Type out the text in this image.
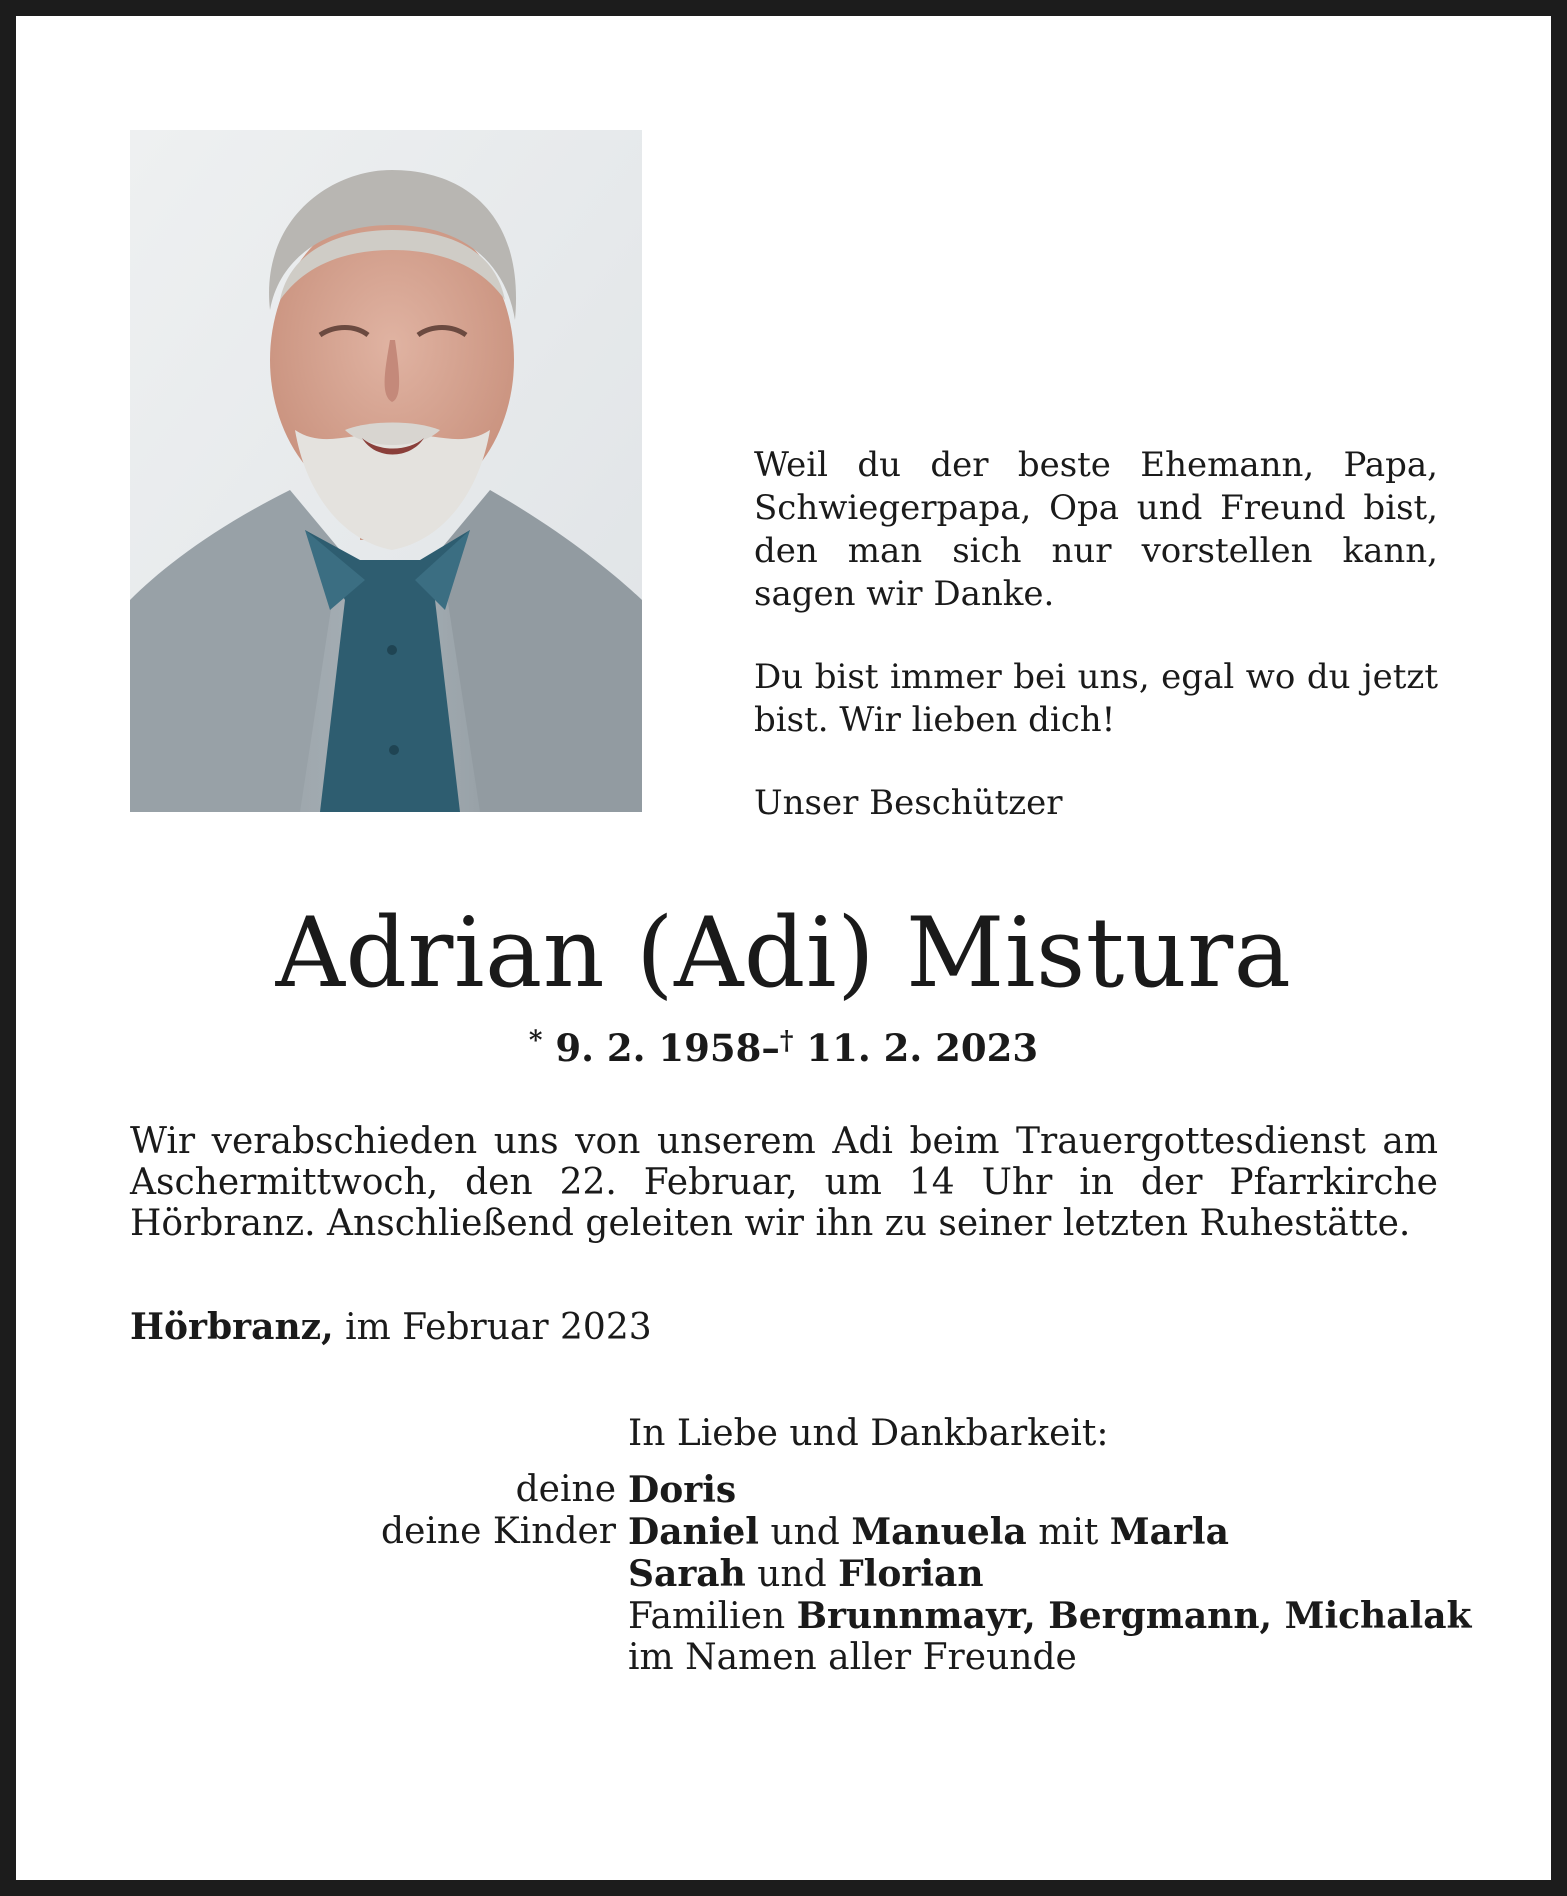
Weil du der beste Ehemann, Papa, Schwiegerpapa, Opa und Freund bist, den man sich nur vorstellen kann, sagen wir Danke.

Du bist immer bei uns, egal wo du jetzt bist. Wir lieben dich!

Unser Beschützer

Adrian (Adi) Mistura
* 9. 2. 1958–† 11. 2. 2023

Wir verabschieden uns von unserem Adi beim Trauergottesdienst am Aschermittwoch, den 22. Februar, um 14 Uhr in der Pfarrkirche Hörbranz. Anschließend geleiten wir ihn zu seiner letzten Ruhestätte.

Hörbranz, im Februar 2023
In Liebe und Dankbarkeit:
deine Doris
deine Kinder Daniel und Manuela mit Marla
Sarah und Florian
Familien Brunnmayr, Bergmann, Michalak
im Namen aller Freunde
